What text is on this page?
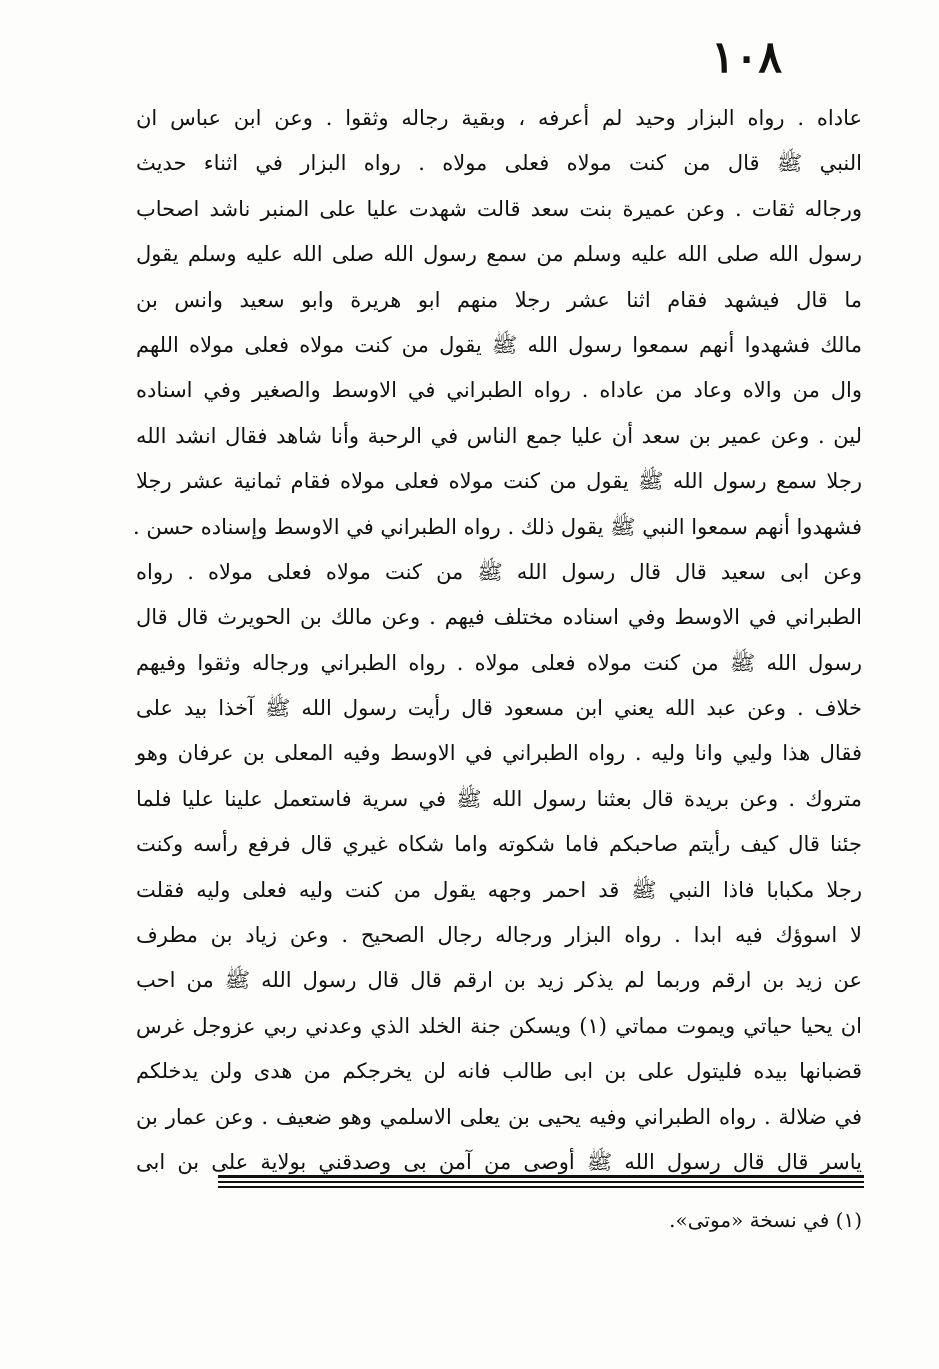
١٠٨
عاداه . رواه البزار وحيد لم أعرفه ، وبقية رجاله وثقوا . وعن ابن عباس ان
النبي ﷺ قال من كنت مولاه فعلى مولاه . رواه البزار في اثناء حديث
ورجاله ثقات . وعن عميرة بنت سعد قالت شهدت عليا على المنبر ناشد اصحاب
رسول الله صلى الله عليه وسلم من سمع رسول الله صلى الله عليه وسلم يقول
ما قال فيشهد فقام اثنا عشر رجلا منهم ابو هريرة وابو سعيد وانس بن
مالك فشهدوا أنهم سمعوا رسول الله ﷺ يقول من كنت مولاه فعلى مولاه اللهم
وال من والاه وعاد من عاداه . رواه الطبراني في الاوسط والصغير وفي اسناده
لين . وعن عمير بن سعد أن عليا جمع الناس في الرحبة وأنا شاهد فقال انشد الله
رجلا سمع رسول الله ﷺ يقول من كنت مولاه فعلى مولاه فقام ثمانية عشر رجلا
فشهدوا أنهم سمعوا النبي ﷺ يقول ذلك . رواه الطبراني في الاوسط وإسناده حسن .
وعن ابى سعيد قال قال رسول الله ﷺ من كنت مولاه فعلى مولاه . رواه
الطبراني في الاوسط وفي اسناده مختلف فيهم . وعن مالك بن الحويرث قال قال
رسول الله ﷺ من كنت مولاه فعلى مولاه . رواه الطبراني ورجاله وثقوا وفيهم
خلاف . وعن عبد الله يعني ابن مسعود قال رأيت رسول الله ﷺ آخذا بيد على
فقال هذا وليي وانا وليه . رواه الطبراني في الاوسط وفيه المعلى بن عرفان وهو
متروك . وعن بريدة قال بعثنا رسول الله ﷺ في سرية فاستعمل علينا عليا فلما
جئنا قال كيف رأيتم صاحبكم فاما شكوته واما شكاه غيري قال فرفع رأسه وكنت
رجلا مكبابا فاذا النبي ﷺ قد احمر وجهه يقول من كنت وليه فعلى وليه فقلت
لا اسوؤك فيه ابدا . رواه البزار ورجاله رجال الصحيح . وعن زياد بن مطرف
عن زيد بن ارقم وربما لم يذكر زيد بن ارقم قال قال رسول الله ﷺ من احب
ان يحيا حياتي ويموت مماتي (١) ويسكن جنة الخلد الذي وعدني ربي عزوجل غرس
قضبانها بيده فليتول على بن ابى طالب فانه لن يخرجكم من هدى ولن يدخلكم
في ضلالة . رواه الطبراني وفيه يحيى بن يعلى الاسلمي وهو ضعيف . وعن عمار بن
ياسر قال قال رسول الله ﷺ أوصى من آمن بى وصدقني بولاية على بن ابى
(١) في نسخة «موتى».
